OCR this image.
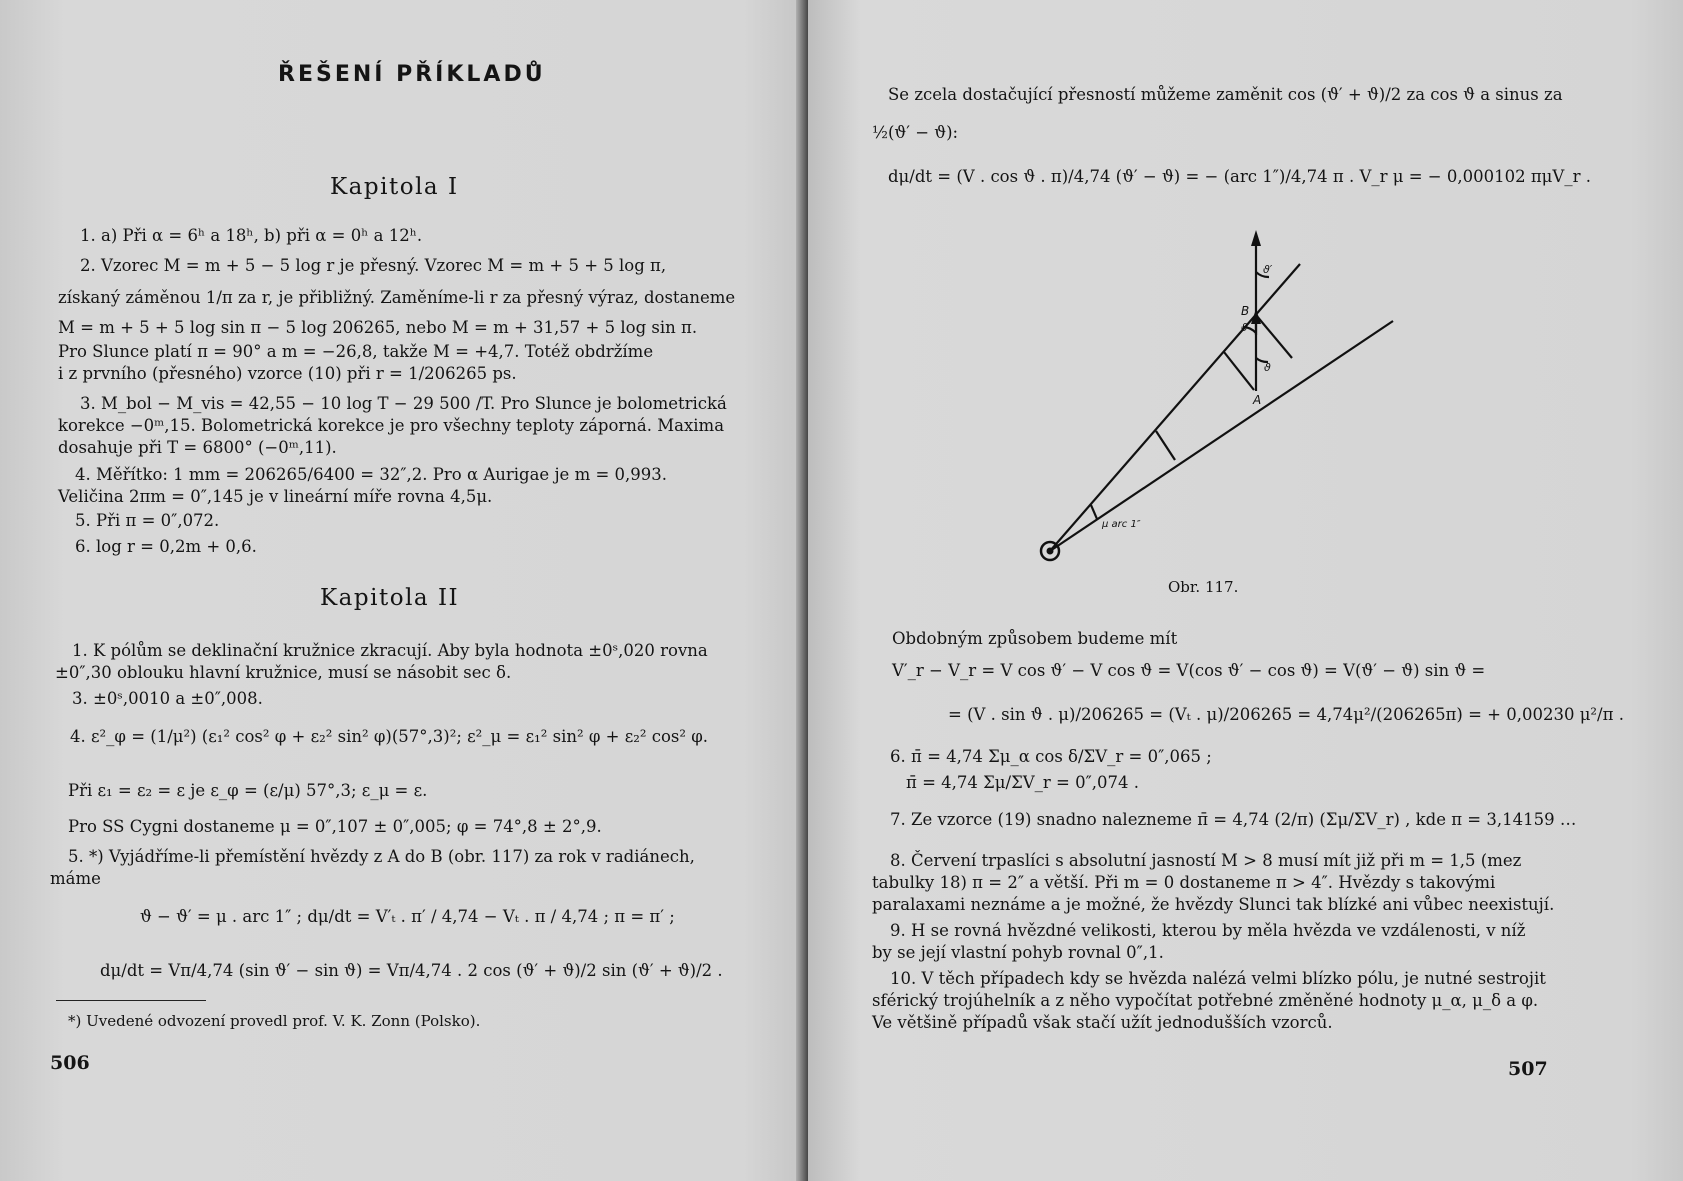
ŘEŠENÍ PŘÍKLADŮ
Kapitola I
1. a) Při α = 6ʰ a 18ʰ, b) při α = 0ʰ a 12ʰ.
2. Vzorec M = m + 5 − 5 log r je přesný. Vzorec M = m + 5 + 5 log π,
získaný záměnou 1/π za r, je přibližný. Zaměníme-li r za přesný výraz, dostaneme
M = m + 5 + 5 log sin π − 5 log 206265, nebo M = m + 31,57 + 5 log sin π.
Pro Slunce platí π = 90° a m = −26,8, takže M = +4,7. Totéž obdržíme
i z prvního (přesného) vzorce (10) při r = 1/206265 ps.
3. M_bol − M_vis = 42,55 − 10 log T − 29 500 /T. Pro Slunce je bolometrická
korekce −0ᵐ,15. Bolometrická korekce je pro všechny teploty záporná. Maxima
dosahuje při T = 6800° (−0ᵐ,11).
4. Měřítko: 1 mm = 206265/6400 = 32″,2. Pro α Aurigae je m = 0,993.
Veličina 2πm = 0″,145 je v lineární míře rovna 4,5μ.
5. Při π = 0″,072.
6. log r = 0,2m + 0,6.
Kapitola II
1. K pólům se deklinační kružnice zkracují. Aby byla hodnota ±0ˢ,020 rovna
±0″,30 oblouku hlavní kružnice, musí se násobit sec δ.
3. ±0ˢ,0010 a ±0″,008.
4. ε²_φ = (1/μ²) (ε₁² cos² φ + ε₂² sin² φ)(57°,3)²; ε²_μ = ε₁² sin² φ + ε₂² cos² φ.
Při ε₁ = ε₂ = ε je ε_φ = (ε/μ) 57°,3; ε_μ = ε.
Pro SS Cygni dostaneme μ = 0″,107 ± 0″,005; φ = 74°,8 ± 2°,9.
5. *) Vyjádříme-li přemístění hvězdy z A do B (obr. 117) za rok v radiánech,
máme
ϑ − ϑ′ = μ . arc 1″ ; dμ/dt = V′ₜ . π′ / 4,74 − Vₜ . π / 4,74 ; π = π′ ;
dμ/dt = Vπ/4,74 (sin ϑ′ − sin ϑ) = Vπ/4,74 . 2 cos (ϑ′ + ϑ)/2 sin (ϑ′ + ϑ)/2 .
*) Uvedené odvození provedl prof. V. K. Zonn (Polsko).
506
Se zcela dostačující přesností můžeme zaměnit cos (ϑ′ + ϑ)/2 za cos ϑ a sinus za
½(ϑ′ − ϑ):
dμ/dt = (V . cos ϑ . π)/4,74 (ϑ′ − ϑ) = − (arc 1″)/4,74 π . V_r μ = − 0,000102 πμV_r .
B
A
ϑ′
ϑ
ϑ
μ arc 1″
Obr. 117.
Obdobným způsobem budeme mít
V′_r − V_r = V cos ϑ′ − V cos ϑ = V(cos ϑ′ − cos ϑ) = V(ϑ′ − ϑ) sin ϑ =
= (V . sin ϑ . μ)/206265 = (Vₜ . μ)/206265 = 4,74μ²/(206265π) = + 0,00230 μ²/π .
6. π̄ = 4,74 Σμ_α cos δ/ΣV_r = 0″,065 ;
π̄ = 4,74 Σμ/ΣV_r = 0″,074 .
7. Ze vzorce (19) snadno nalezneme π̄ = 4,74 (2/π) (Σμ/ΣV_r) , kde π = 3,14159 …
8. Červení trpaslíci s absolutní jasností M > 8 musí mít již při m = 1,5 (mez
tabulky 18) π = 2″ a větší. Při m = 0 dostaneme π > 4″. Hvězdy s takovými
paralaxami neznáme a je možné, že hvězdy Slunci tak blízké ani vůbec neexistují.
9. H se rovná hvězdné velikosti, kterou by měla hvězda ve vzdálenosti, v níž
by se její vlastní pohyb rovnal 0″,1.
10. V těch případech kdy se hvězda nalézá velmi blízko pólu, je nutné sestrojit
sférický trojúhelník a z něho vypočítat potřebné změněné hodnoty μ_α, μ_δ a φ.
Ve většině případů však stačí užít jednodušších vzorců.
507
